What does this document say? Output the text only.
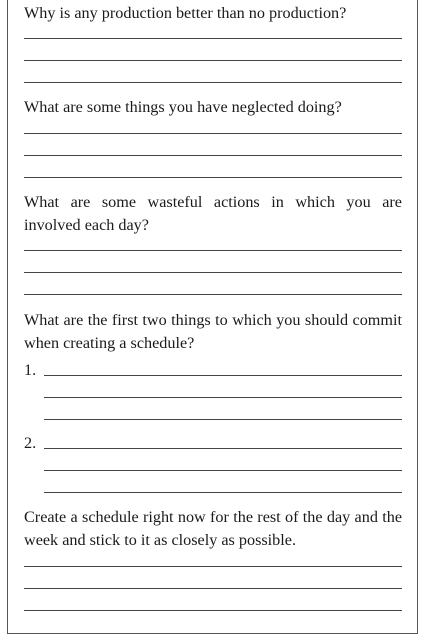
Why is any production better than no production?

What are some things you have neglected doing?

What are some wasteful actions in which you are involved each day?

What are the first two things to which you should commit when creating a schedule?

1.
2.

Create a schedule right now for the rest of the day and the week and stick to it as closely as possible.
